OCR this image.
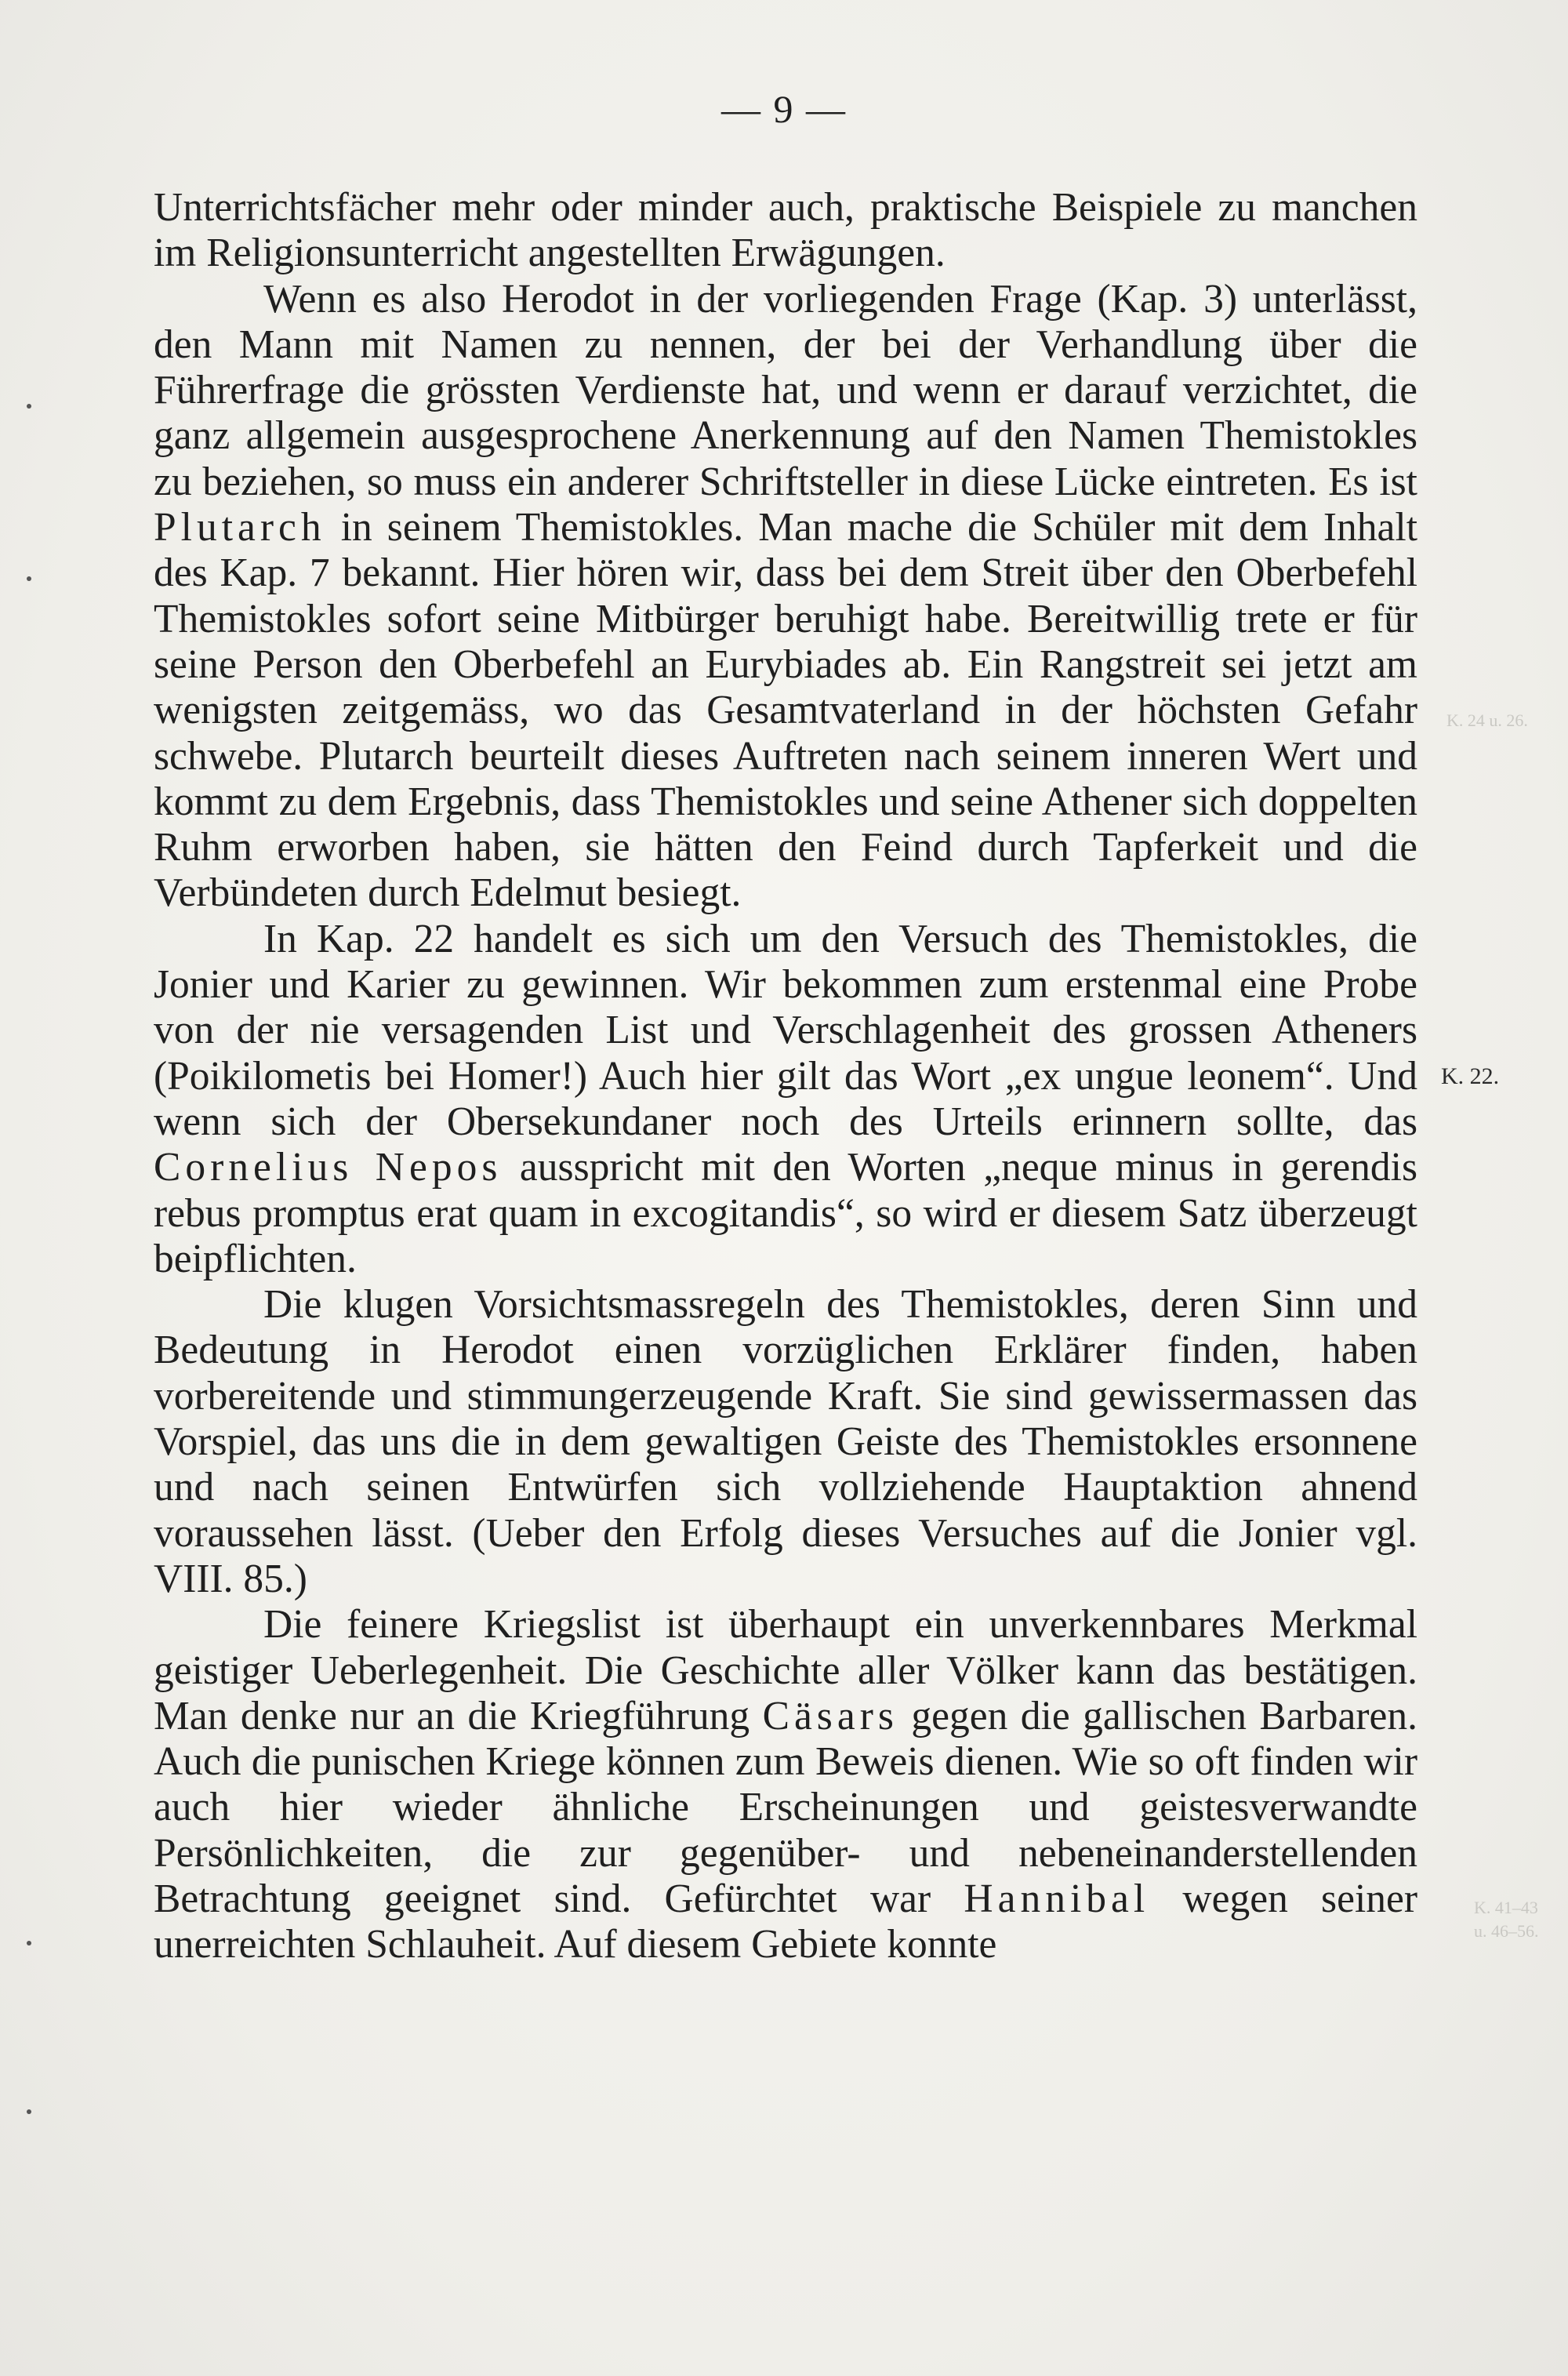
— 9 —

Unterrichtsfächer mehr oder minder auch, praktische Beispiele zu manchen im Religionsunterricht angestellten Erwägungen.

Wenn es also Herodot in der vorliegenden Frage (Kap. 3) unterlässt, den Mann mit Namen zu nennen, der bei der Verhandlung über die Führerfrage die grössten Verdienste hat, und wenn er darauf verzichtet, die ganz allgemein ausgesprochene Anerkennung auf den Namen Themistokles zu beziehen, so muss ein anderer Schriftsteller in diese Lücke eintreten. Es ist Plutarch in seinem Themistokles. Man mache die Schüler mit dem Inhalt des Kap. 7 bekannt. Hier hören wir, dass bei dem Streit über den Oberbefehl Themistokles sofort seine Mitbürger beruhigt habe. Bereitwillig trete er für seine Person den Oberbefehl an Eurybiades ab. Ein Rangstreit sei jetzt am wenigsten zeitgemäss, wo das Gesamtvaterland in der höchsten Gefahr schwebe. Plutarch beurteilt dieses Auftreten nach seinem inneren Wert und kommt zu dem Ergebnis, dass Themistokles und seine Athener sich doppelten Ruhm erworben haben, sie hätten den Feind durch Tapferkeit und die Verbündeten durch Edelmut besiegt.

In Kap. 22 handelt es sich um den Versuch des Themistokles, die Jonier und Karier zu gewinnen. Wir bekommen zum erstenmal eine Probe von der nie versagenden List und Verschlagenheit des grossen Atheners (Poikilometis bei Homer!) Auch hier gilt das Wort „ex ungue leonem“. Und wenn sich der Obersekundaner noch des Urteils erinnern sollte, das Cornelius Nepos ausspricht mit den Worten „neque minus in gerendis rebus promptus erat quam in excogitandis“, so wird er diesem Satz überzeugt beipflichten.

Die klugen Vorsichtsmassregeln des Themistokles, deren Sinn und Bedeutung in Herodot einen vorzüglichen Erklärer finden, haben vorbereitende und stimmungerzeugende Kraft. Sie sind gewissermassen das Vorspiel, das uns die in dem gewaltigen Geiste des Themistokles ersonnene und nach seinen Entwürfen sich vollziehende Hauptaktion ahnend voraussehen lässt. (Ueber den Erfolg dieses Versuches auf die Jonier vgl. VIII. 85.)

Die feinere Kriegslist ist überhaupt ein unverkennbares Merkmal geistiger Ueberlegenheit. Die Geschichte aller Völker kann das bestätigen. Man denke nur an die Kriegführung Cäsars gegen die gallischen Barbaren. Auch die punischen Kriege können zum Beweis dienen. Wie so oft finden wir auch hier wieder ähnliche Erscheinungen und geistesverwandte Persönlichkeiten, die zur gegenüber- und nebeneinanderstellenden Betrachtung geeignet sind. Gefürchtet war Hannibal wegen seiner unerreichten Schlauheit. Auf diesem Gebiete konnte

K. 22.
K. 24 u. 26.
K. 41–43
u. 46–56.
